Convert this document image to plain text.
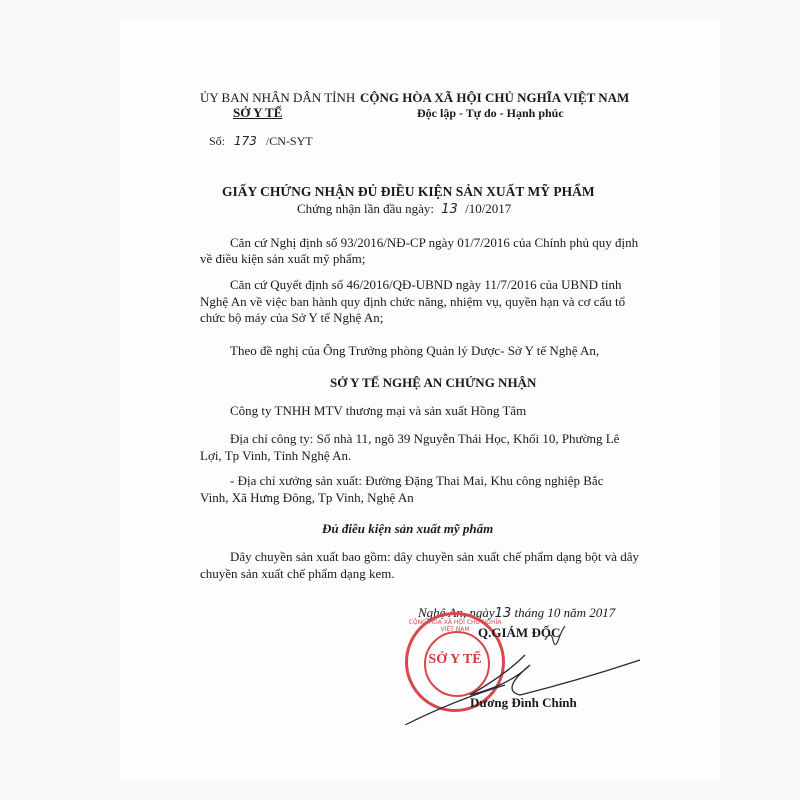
ỦY BAN NHÂN DÂN TỈNH
SỞ Y TẾ
CỘNG HÒA XÃ HỘI CHỦ NGHĨA VIỆT NAM
Độc lập - Tự do - Hạnh phúc
Số: 173 /CN-SYT
GIẤY CHỨNG NHẬN ĐỦ ĐIỀU KIỆN SẢN XUẤT MỸ PHẨM
Chứng nhận lần đầu ngày: 13 /10/2017
Căn cứ Nghị định số 93/2016/NĐ-CP ngày 01/7/2016 của Chính phủ quy định
về điều kiện sản xuất mỹ phẩm;
Căn cứ Quyết định số 46/2016/QĐ-UBND ngày 11/7/2016 của UBND tỉnh
Nghệ An về việc ban hành quy định chức năng, nhiệm vụ, quyền hạn và cơ cấu tổ
chức bộ máy của Sở Y tế Nghệ An;
Theo đề nghị của Ông Trưởng phòng Quản lý Dược- Sở Y tế Nghệ An,
SỞ Y TẾ NGHỆ AN CHỨNG NHẬN
Công ty TNHH MTV thương mại và sản xuất Hồng Tâm
Địa chỉ công ty: Số nhà 11, ngõ 39 Nguyễn Thái Học, Khối 10, Phường Lê
Lợi, Tp Vinh, Tỉnh Nghệ An.
- Địa chỉ xưởng sản xuất: Đường Đặng Thai Mai, Khu công nghiệp Bắc
Vinh, Xã Hưng Đông, Tp Vinh, Nghệ An
Đủ điều kiện sản xuất mỹ phẩm
Dây chuyền sản xuất bao gồm: dây chuyền sản xuất chế phẩm dạng bột và dây
chuyền sản xuất chế phẩm dạng kem.
Nghệ An, ngày13 tháng 10 năm 2017
CỘNG HÒA XÃ HỘI CHỦ NGHĨA VIỆT NAM
SỞ Y TẾ
Q.GIÁM ĐỐC
Dương Đình Chinh
